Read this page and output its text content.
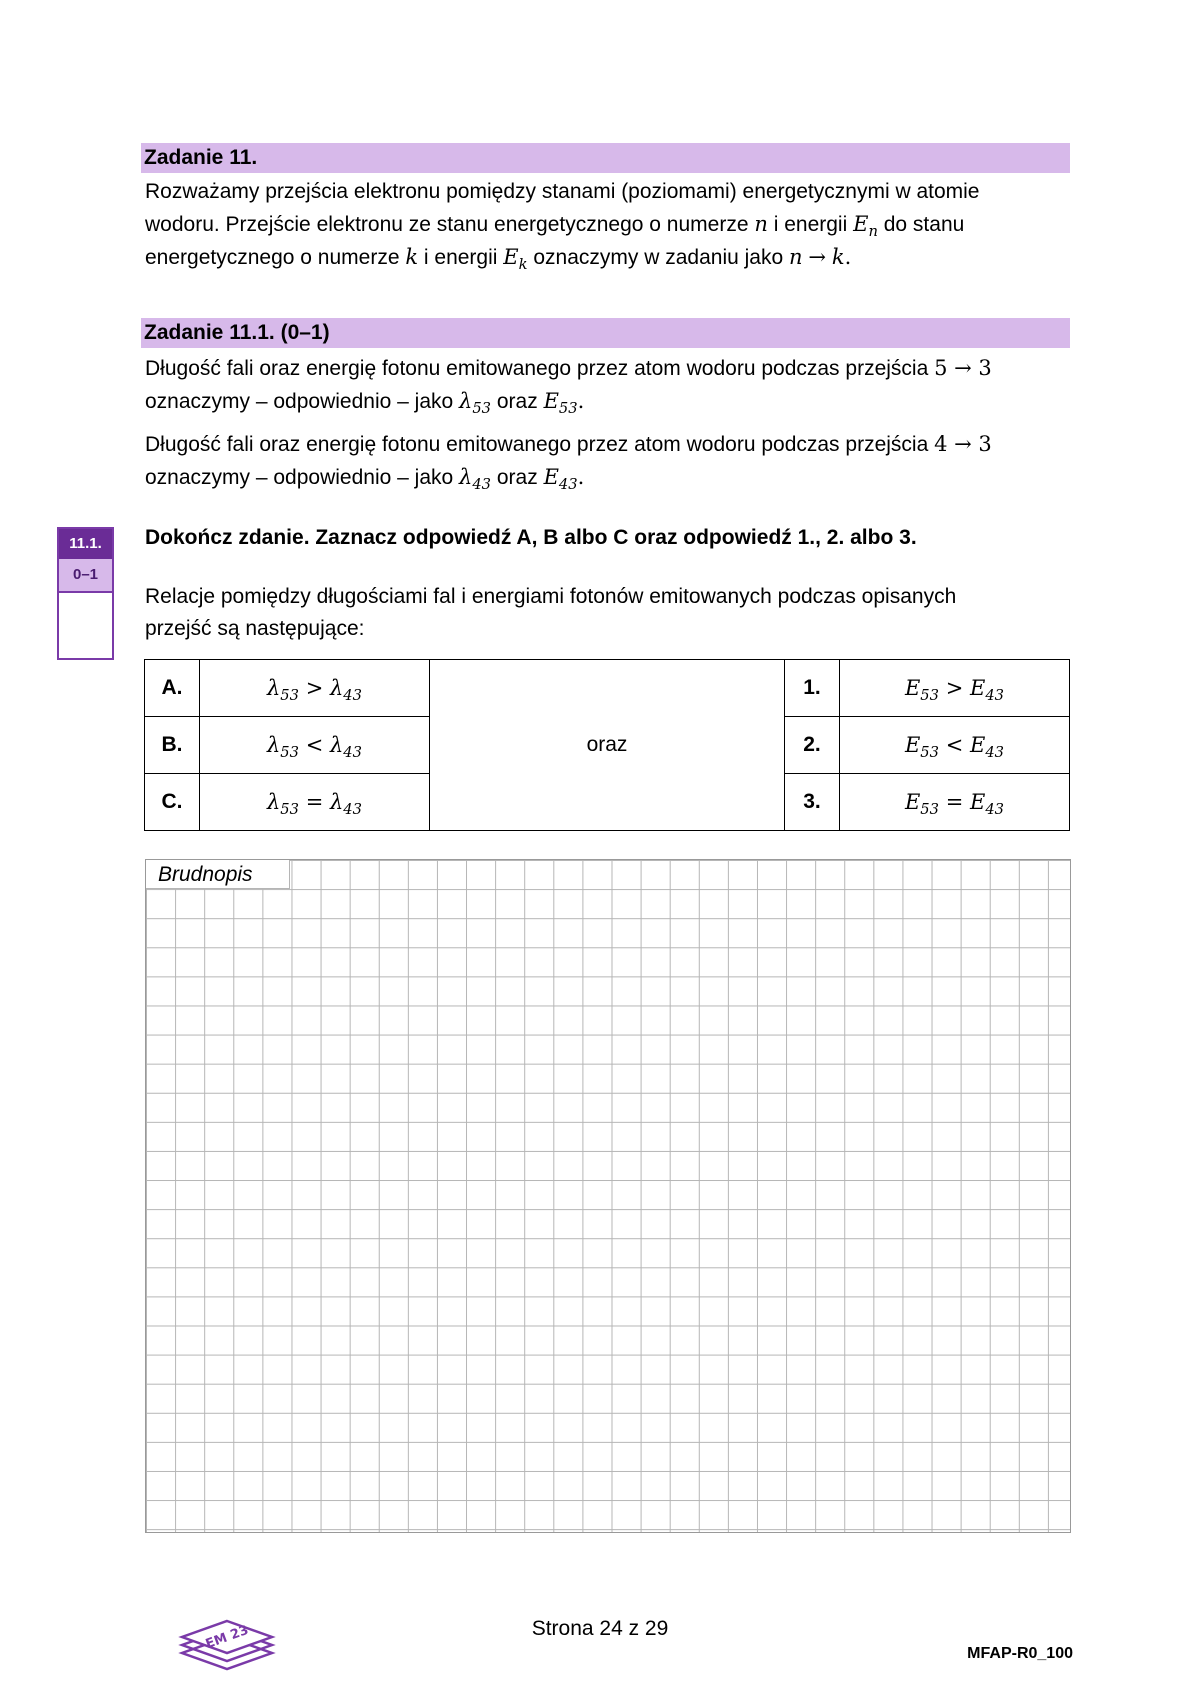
Zadanie 11.

Rozważamy przejścia elektronu pomiędzy stanami (poziomami) energetycznymi w atomie

wodoru. Przejście elektronu ze stanu energetycznego o numerze n i energii $E_n$ do stanu

energetycznego o numerze k i energii $E_k$ oznaczymy w zadaniu jako n → k.

Zadanie 11.1. (0–1)

Długość fali oraz energię fotonu emitowanego przez atom wodoru podczas przejścia 5 → 3

oznaczymy – odpowiednio – jako $\lambda_{53}$ oraz $E_{53}$.

Długość fali oraz energię fotonu emitowanego przez atom wodoru podczas przejścia 4 → 3

oznaczymy – odpowiednio – jako $\lambda_{43}$ oraz $E_{43}$.

11.1.
0–1
Dokończ zdanie. Zaznacz odpowiedź A, B albo C oraz odpowiedź 1., 2. albo 3.

Relacje pomiędzy długościami fal i energiami fotonów emitowanych podczas opisanych

przejść są następujące:

A.	$\lambda_{53} > \lambda_{43}$	oraz	1.	$E_{53} > E_{43}$
B.	$\lambda_{53} < \lambda_{43}$		2.	$E_{53} < E_{43}$
C.	$\lambda_{53} = \lambda_{43}$		3.	$E_{53} = E_{43}$
Brudnopis
EM 23	Strona 24 z 29
MFAP-R0_100
